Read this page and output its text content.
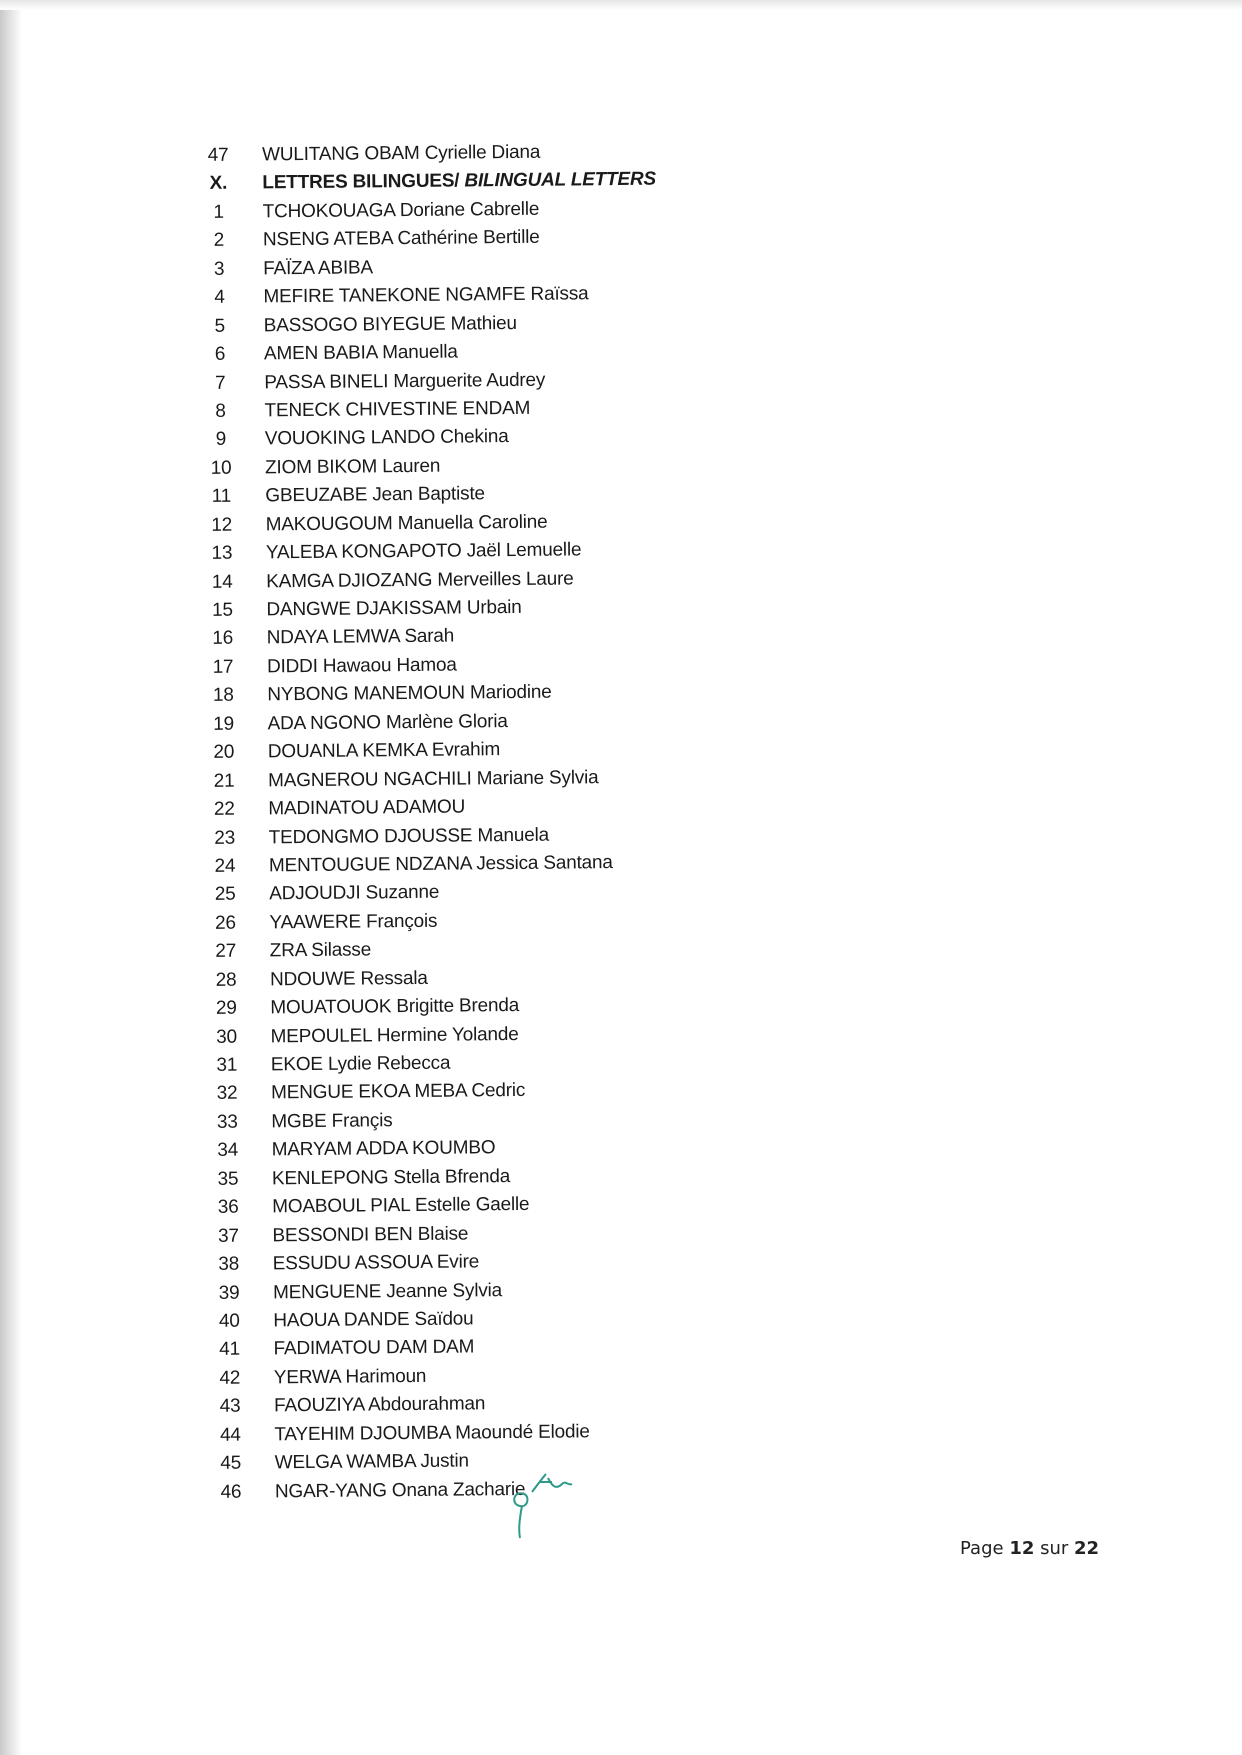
47	WULITANG OBAM Cyrielle Diana
X.	LETTRES BILINGUES/ BILINGUAL LETTERS
1	TCHOKOUAGA Doriane Cabrelle
2	NSENG ATEBA Cathérine Bertille
3	FAÏZA ABIBA
4	MEFIRE TANEKONE NGAMFE Raïssa
5	BASSOGO BIYEGUE Mathieu
6	AMEN BABIA Manuella
7	PASSA BINELI Marguerite Audrey
8	TENECK CHIVESTINE ENDAM
9	VOUOKING LANDO Chekina
10	ZIOM BIKOM Lauren
11	GBEUZABE Jean Baptiste
12	MAKOUGOUM Manuella Caroline
13	YALEBA KONGAPOTO Jaël Lemuelle
14	KAMGA DJIOZANG Merveilles Laure
15	DANGWE DJAKISSAM Urbain
16	NDAYA LEMWA Sarah
17	DIDDI Hawaou Hamoa
18	NYBONG MANEMOUN Mariodine
19	ADA NGONO Marlène Gloria
20	DOUANLA KEMKA Evrahim
21	MAGNEROU NGACHILI Mariane Sylvia
22	MADINATOU ADAMOU
23	TEDONGMO DJOUSSE Manuela
24	MENTOUGUE NDZANA Jessica Santana
25	ADJOUDJI Suzanne
26	YAAWERE François
27	ZRA Silasse
28	NDOUWE Ressala
29	MOUATOUOK Brigitte Brenda
30	MEPOULEL Hermine Yolande
31	EKOE Lydie Rebecca
32	MENGUE EKOA MEBA Cedric
33	MGBE Françis
34	MARYAM ADDA KOUMBO
35	KENLEPONG Stella Bfrenda
36	MOABOUL PIAL Estelle Gaelle
37	BESSONDI BEN Blaise
38	ESSUDU ASSOUA Evire
39	MENGUENE Jeanne Sylvia
40	HAOUA DANDE Saïdou
41	FADIMATOU DAM DAM
42	YERWA Harimoun
43	FAOUZIYA Abdourahman
44	TAYEHIM DJOUMBA Maoundé Elodie
45	WELGA WAMBA Justin
46	NGAR-YANG Onana Zacharie
Page 12 sur 22
